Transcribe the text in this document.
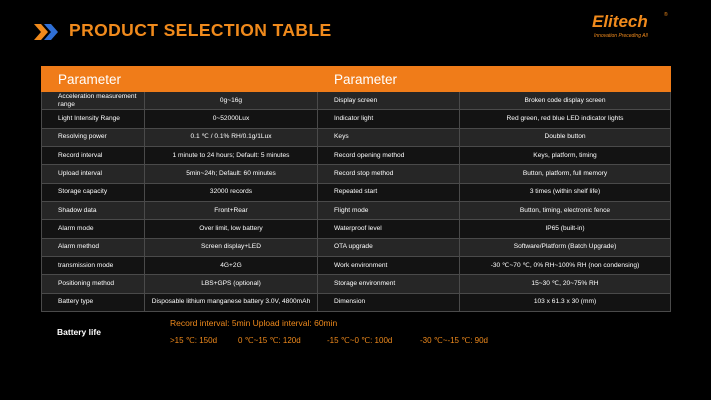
PRODUCT SELECTION TABLE	Elitech	®
Innovation Preceding All
Parameter		Parameter	
Acceleration measurement range	0g~16g	Display screen	Broken code display screen
Light Intensity Range	0~52000Lux	Indicator light	Red green, red blue LED indicator lights
Resolving power	0.1 ℃ / 0.1% RH/0.1g/1Lux	Keys	Double button
Record interval	1 minute to 24 hours; Default: 5 minutes	Record opening method	Keys, platform, timing
Upload interval	5min~24h; Default: 60 minutes	Record stop method	Button, platform, full memory
Storage capacity	32000 records	Repeated start	3 times (within shelf life)
Shadow data	Front+Rear	Flight mode	Button, timing, electronic fence
Alarm mode	Over limit, low battery	Waterproof level	IP65 (built-in)
Alarm method	Screen display+LED	OTA upgrade	Software/Platform (Batch Upgrade)
transmission mode	4G+2G	Work environment	-30 ℃~70 ℃, 0% RH~100% RH (non condensing)
Positioning method	LBS+GPS (optional)	Storage environment	15~30 ℃, 20~75% RH
Battery type	Disposable lithium manganese battery 3.0V, 4800mAh	Dimension	103 x 61.3 x 30 (mm)
Battery life
Record interval: 5min Upload interval: 60min
>15 ℃: 150d	0 ℃~15 ℃: 120d	-15 ℃~0 ℃: 100d	-30 ℃~-15 ℃: 90d
